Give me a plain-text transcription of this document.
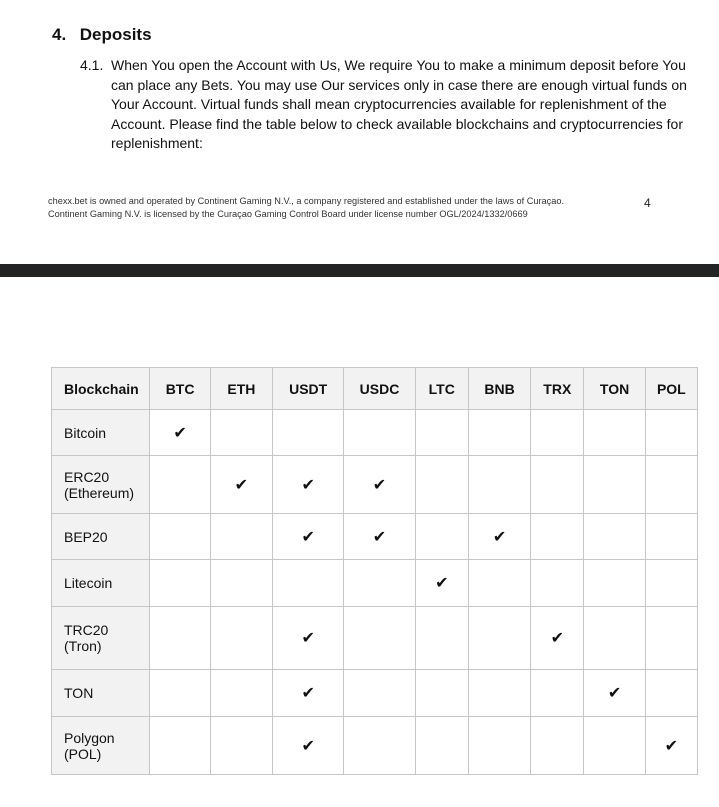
4. Deposits
4.1. When You open the Account with Us, We require You to make a minimum deposit before You can place any Bets. You may use Our services only in case there are enough virtual funds on Your Account. Virtual funds shall mean cryptocurrencies available for replenishment of the Account. Please find the table below to check available blockchains and cryptocurrencies for replenishment:

chexx.bet is owned and operated by Continent Gaming N.V., a company registered and established under the laws of Curaçao.
Continent Gaming N.V. is licensed by the Curaçao Gaming Control Board under license number OGL/2024/1332/0669

4
Blockchain	BTC	ETH	USDT	USDC	LTC	BNB	TRX	TON	POL
Bitcoin	✔								
ERC20
(Ethereum)		✔	✔	✔					
BEP20			✔	✔		✔			
Litecoin					✔				
TRC20
(Tron)			✔				✔		
TON			✔					✔	
Polygon
(POL)			✔						✔
